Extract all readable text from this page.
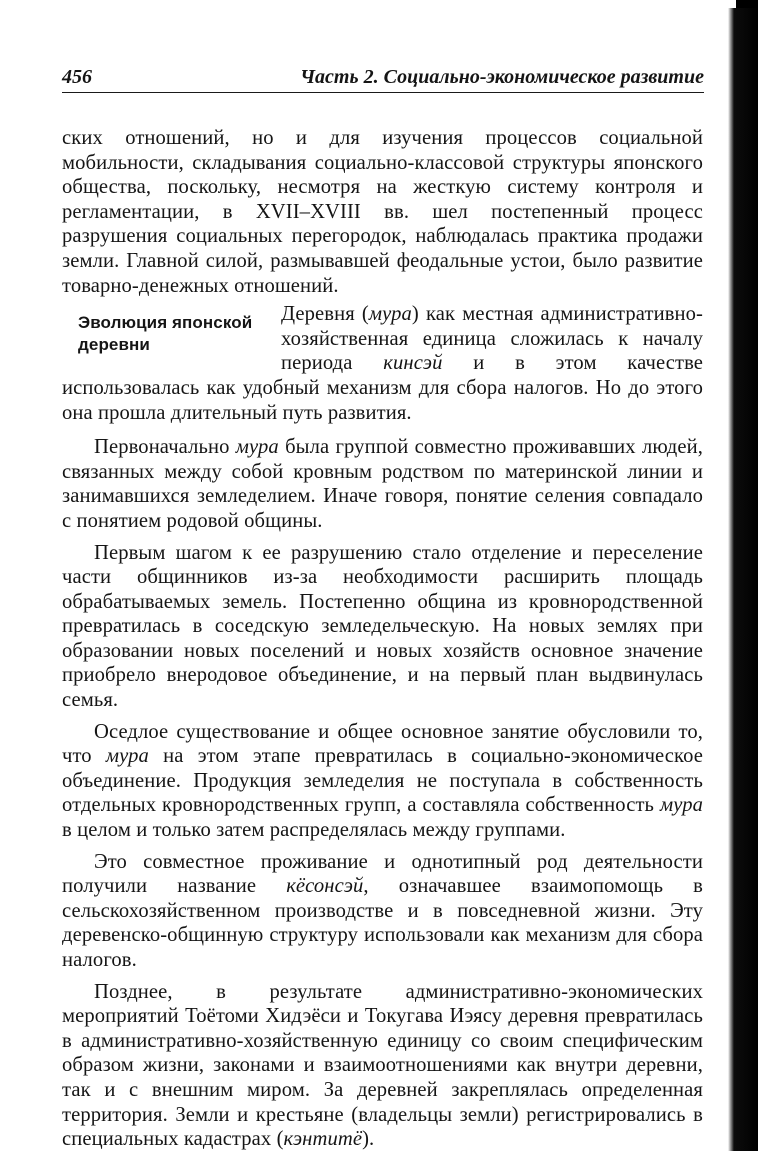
456	Часть 2. Социально-экономическое развитие

ских отношений, но и для изучения процессов социальной мобильности, складывания социально-классовой структуры японского общества, поскольку, несмотря на жесткую систему контроля и регламентации, в XVII–XVIII вв. шел постепенный процесс разрушения социальных перегородок, наблюдалась практика продажи земли. Главной силой, размывавшей феодальные устои, было развитие товарно-денежных отношений.

Эволюция японской деревни
Деревня (мура) как местная административно-хозяйственная единица сложилась к началу периода кинсэй и в этом качестве использовалась как удобный механизм для сбора налогов. Но до этого она прошла длительный путь развития.

Первоначально мура была группой совместно проживавших людей, связанных между собой кровным родством по материнской линии и занимавшихся земледелием. Иначе говоря, понятие селения совпадало с понятием родовой общины.

Первым шагом к ее разрушению стало отделение и переселение части общинников из-за необходимости расширить площадь обрабатываемых земель. Постепенно община из кровнородственной превратилась в соседскую земледельческую. На новых землях при образовании новых поселений и новых хозяйств основное значение приобрело внеродовое объединение, и на первый план выдвинулась семья.

Оседлое существование и общее основное занятие обусловили то, что мура на этом этапе превратилась в социально-экономическое объединение. Продукция земледелия не поступала в собственность отдельных кровнородственных групп, а составляла собственность мура в целом и только затем распределялась между группами.

Это совместное проживание и однотипный род деятельности получили название кёсонсэй, означавшее взаимопомощь в сельскохозяйственном производстве и в повседневной жизни. Эту деревенско-общинную структуру использовали как механизм для сбора налогов.

Позднее, в результате административно-экономических мероприятий Тоётоми Хидэёси и Токугава Иэясу деревня превратилась в административно-хозяйственную единицу со своим специфическим образом жизни, законами и взаимоотношениями как внутри деревни, так и с внешним миром. За деревней закреплялась определенная территория. Земли и крестьяне (владельцы земли) регистрировались в специальных кадастрах (кэнтитё).
